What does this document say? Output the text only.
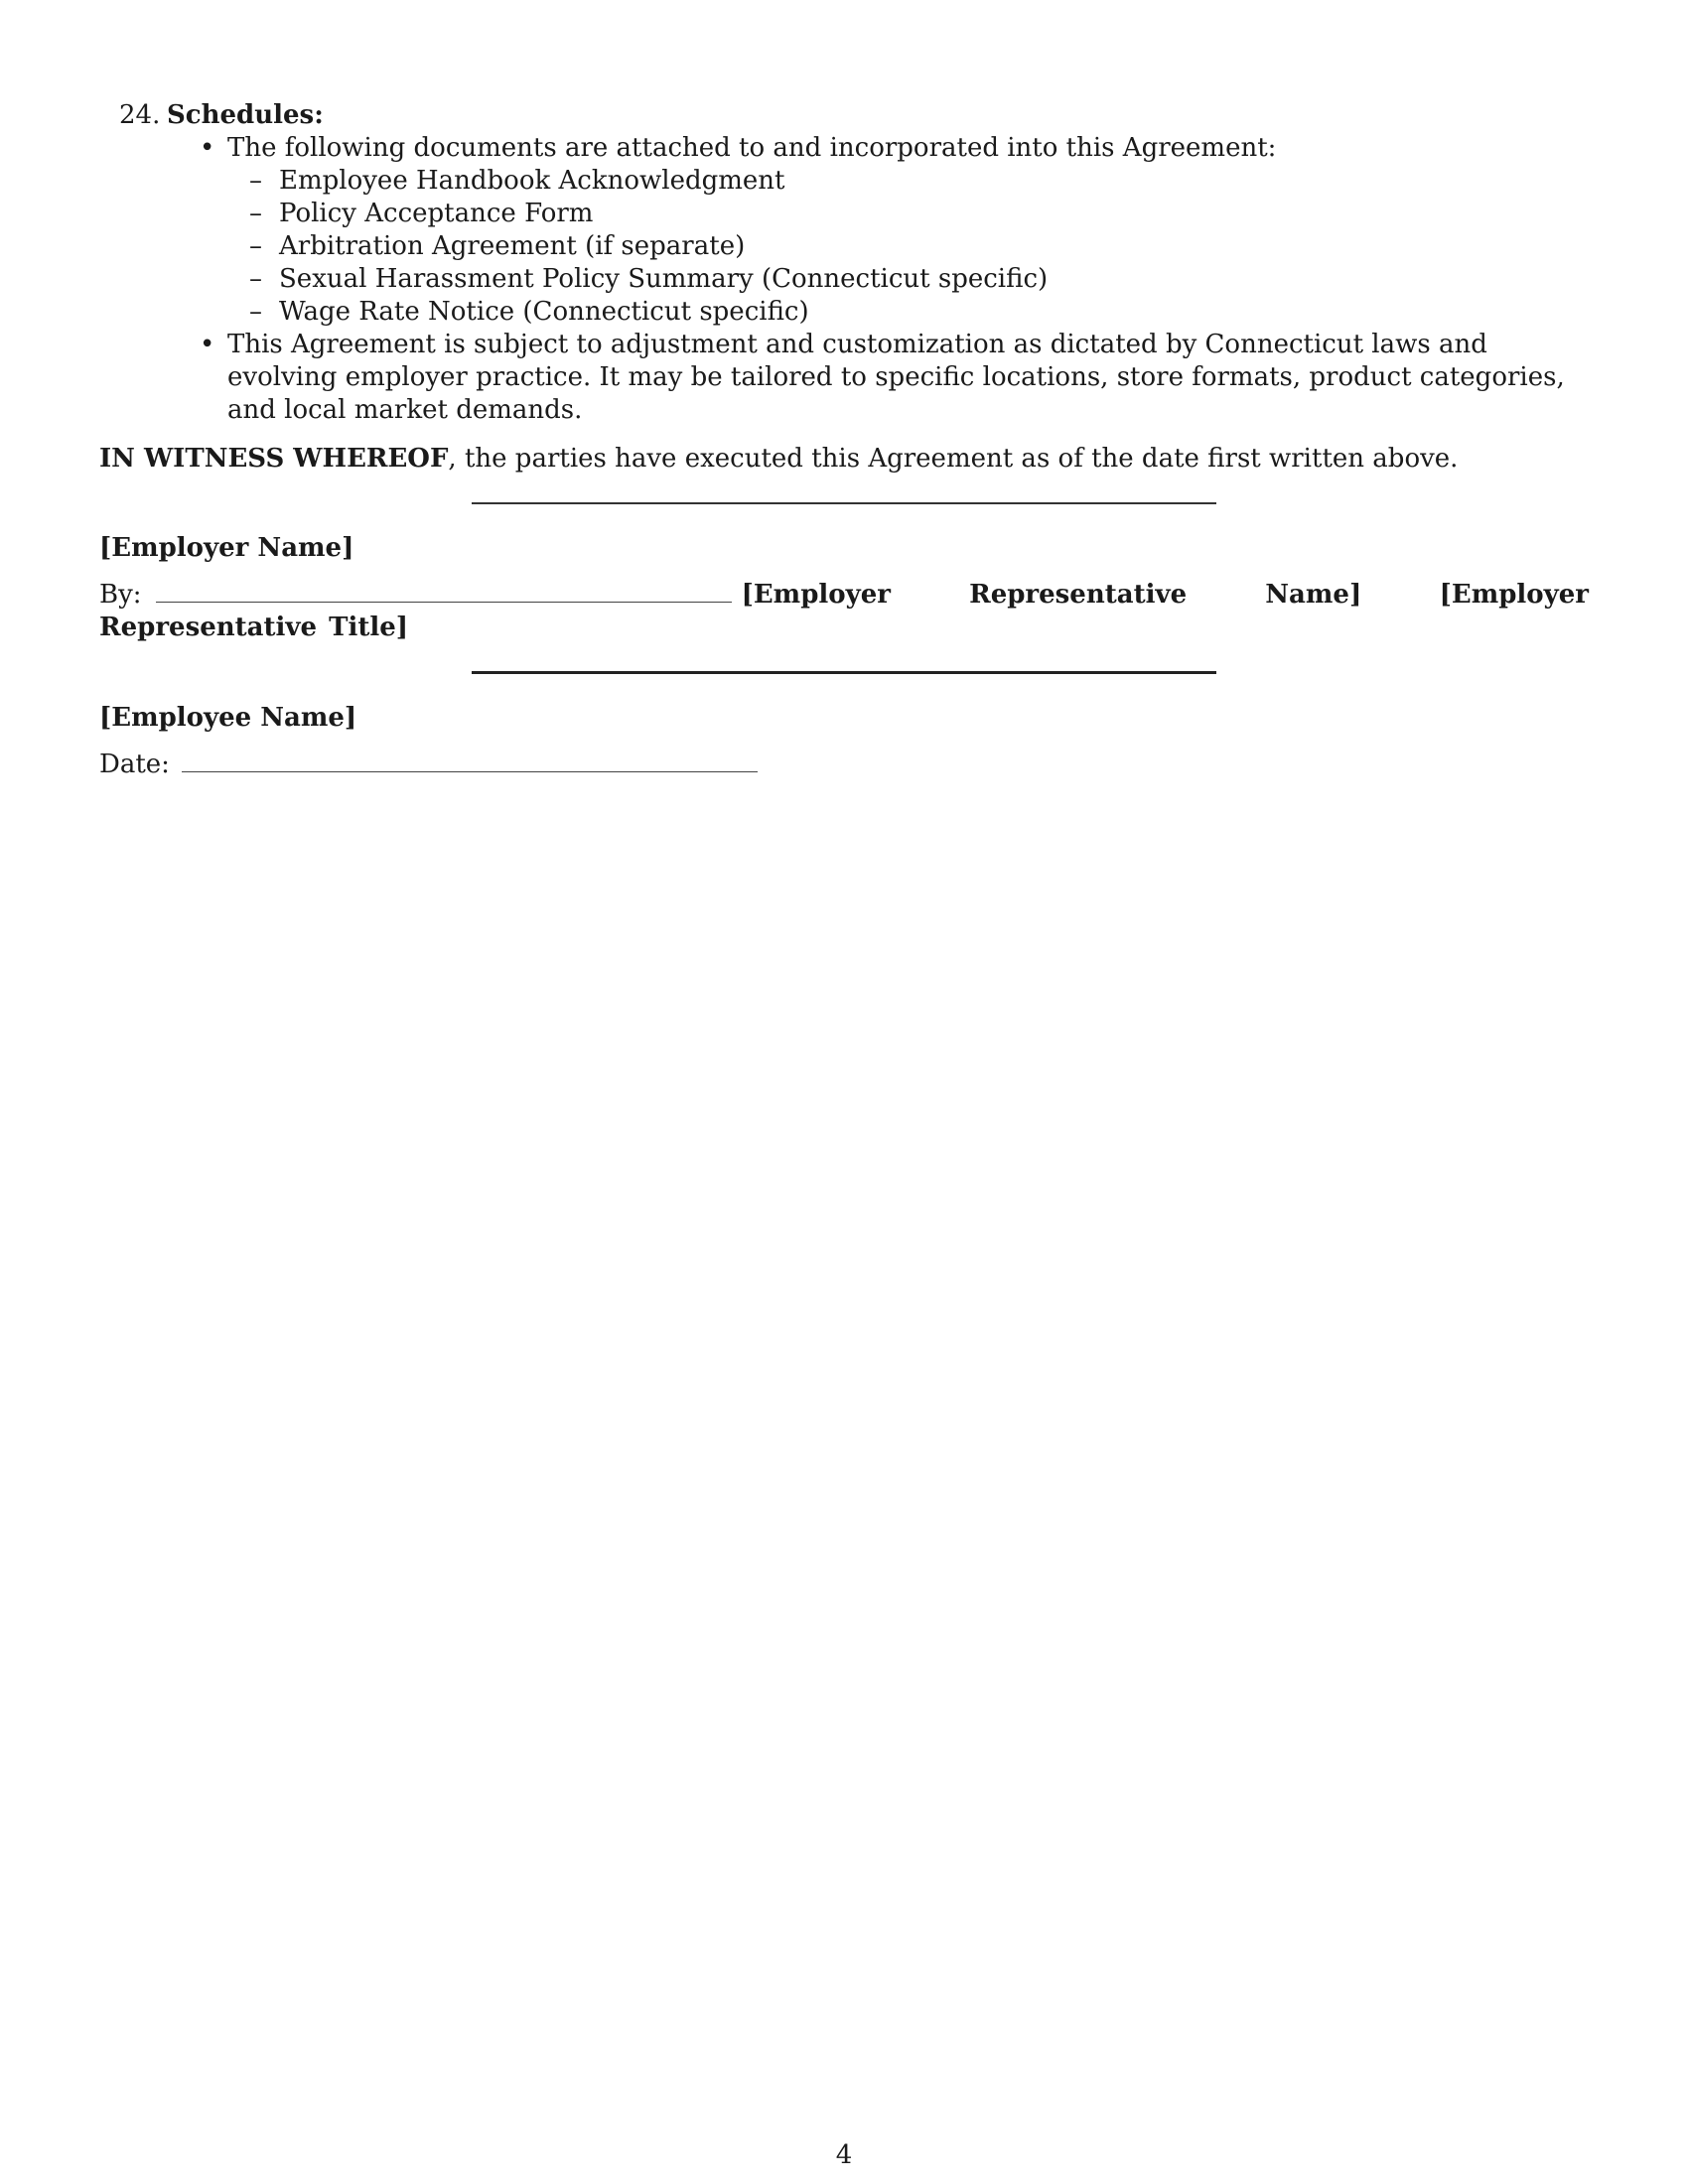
24. Schedules:
• The following documents are attached to and incorporated into this Agreement:
– Employee Handbook Acknowledgment
– Policy Acceptance Form
– Arbitration Agreement (if separate)
– Sexual Harassment Policy Summary (Connecticut specific)
– Wage Rate Notice (Connecticut specific)
• This Agreement is subject to adjustment and customization as dictated by Connecticut laws and evolving employer practice. It may be tailored to specific locations, store formats, product categories, and local market demands.
IN WITNESS WHEREOF, the parties have executed this Agreement as of the date first written above.
[Employer Name]
By:	[Employer Representative Name]	[Employer Representative Title]
[Employee Name]
Date:
4
